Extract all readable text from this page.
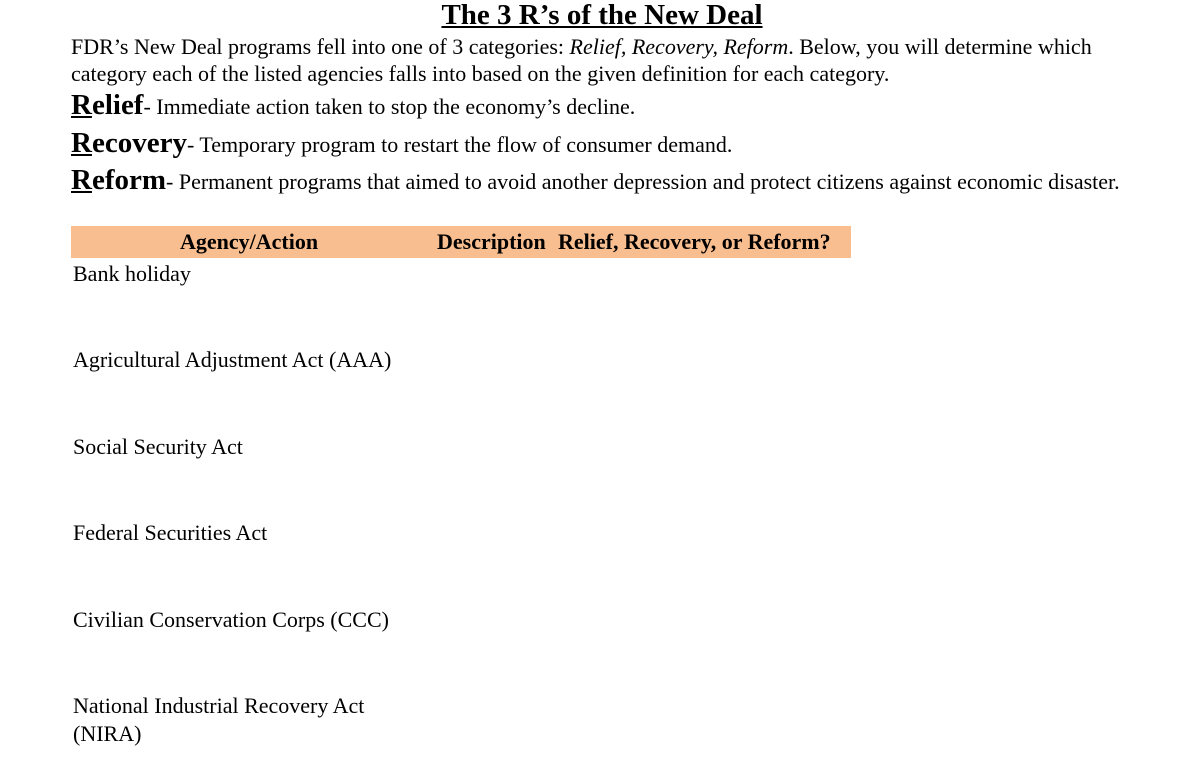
The 3 R’s of the New Deal
FDR’s New Deal programs fell into one of 3 categories: Relief, Recovery, Reform. Below, you will determine which category each of the listed agencies falls into based on the given definition for each category.
Relief- Immediate action taken to stop the economy’s decline.
Recovery- Temporary program to restart the flow of consumer demand.
Reform- Permanent programs that aimed to avoid another depression and protect citizens against economic disaster.
Agency/Action	Description Relief, Recovery, or Reform?
Bank holiday
Agricultural Adjustment Act (AAA)
Social Security Act
Federal Securities Act
Civilian Conservation Corps (CCC)
National Industrial Recovery Act (NIRA)
